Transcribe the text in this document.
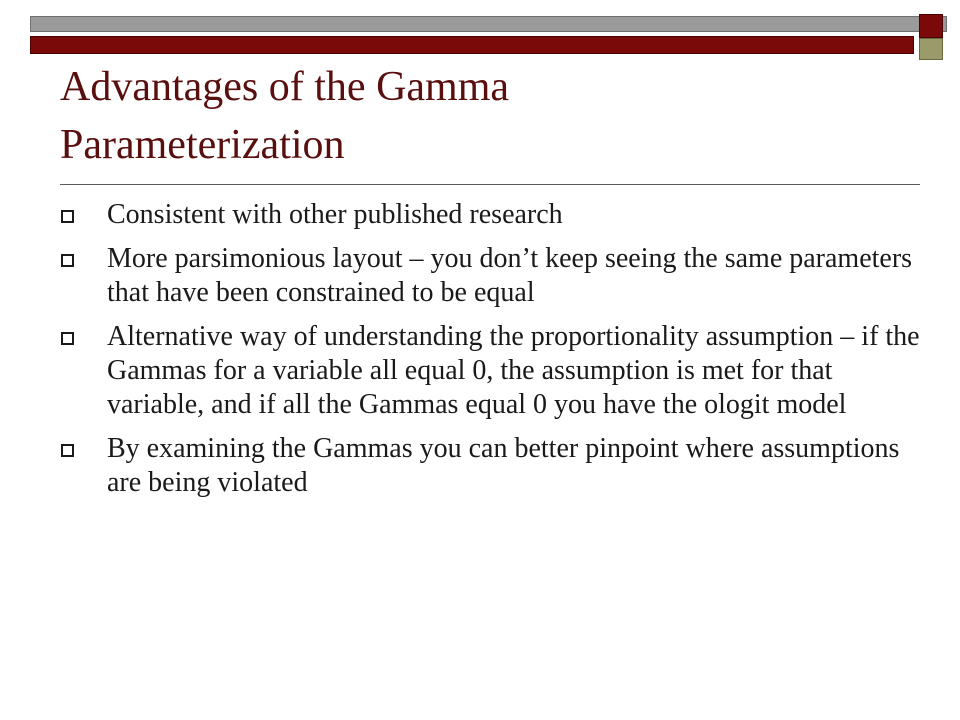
Advantages of the Gamma
Parameterization
Consistent with other published research
More parsimonious layout – you don’t keep seeing the same parameters that have been constrained to be equal
Alternative way of understanding the proportionality assumption – if the Gammas for a variable all equal 0, the assumption is met for that variable, and if all the Gammas equal 0 you have the ologit model
By examining the Gammas you can better pinpoint where assumptions are being violated
